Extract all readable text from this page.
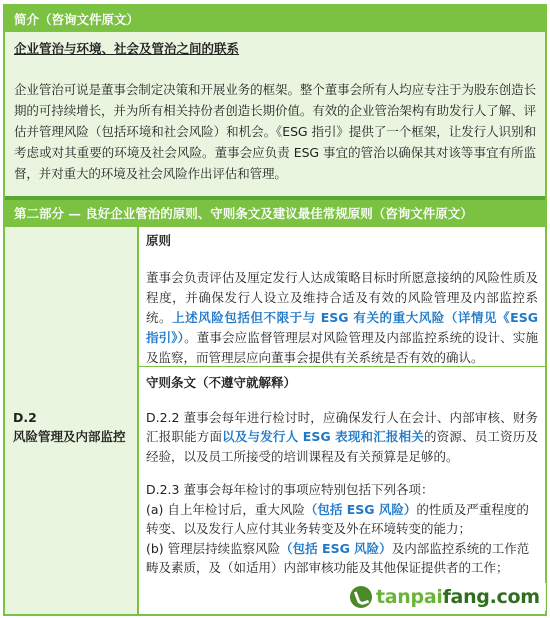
简介（咨询文件原文）
企业管治与环境、社会及管治之间的联系
企业管治可说是董事会制定决策和开展业务的框架。整个董事会所有人均应专注于为股东创造长期的可持续增长，并为所有相关持份者创造长期价值。有效的企业管治架构有助发行人了解、评估并管理风险（包括环境和社会风险）和机会。《ESG 指引》提供了一个框架，让发行人识别和考虑或对其重要的环境及社会风险。董事会应负责 ESG 事宜的管治以确保其对该等事宜有所监督，并对重大的环境及社会风险作出评估和管理。
第二部分 — 良好企业管治的原则、守则条文及建议最佳常规原则（咨询文件原文）
D.2
风险管理及内部监控
原则
董事会负责评估及厘定发行人达成策略目标时所愿意接纳的风险性质及程度，并确保发行人设立及维持合适及有效的风险管理及内部监控系统。上述风险包括但不限于与 ESG 有关的重大风险（详情见《ESG 指引》）。董事会应监督管理层对风险管理及内部监控系统的设计、实施及监察，而管理层应向董事会提供有关系统是否有效的确认。
守则条文（不遵守就解释）
D.2.2 董事会每年进行检讨时，应确保发行人在会计、内部审核、财务汇报职能方面以及与发行人 ESG 表现和汇报相关的资源、员工资历及经验，以及员工所接受的培训课程及有关预算是足够的。
D.2.3 董事会每年检讨的事项应特别包括下列各项：
(a) 自上年检讨后，重大风险（包括 ESG 风险）的性质及严重程度的转变、以及发行人应付其业务转变及外在环境转变的能力；
(b) 管理层持续监察风险（包括 ESG 风险）及内部监控系统的工作范畴及素质，及（如适用）内部审核功能及其他保证提供者的工作；
tanpaifang.com
